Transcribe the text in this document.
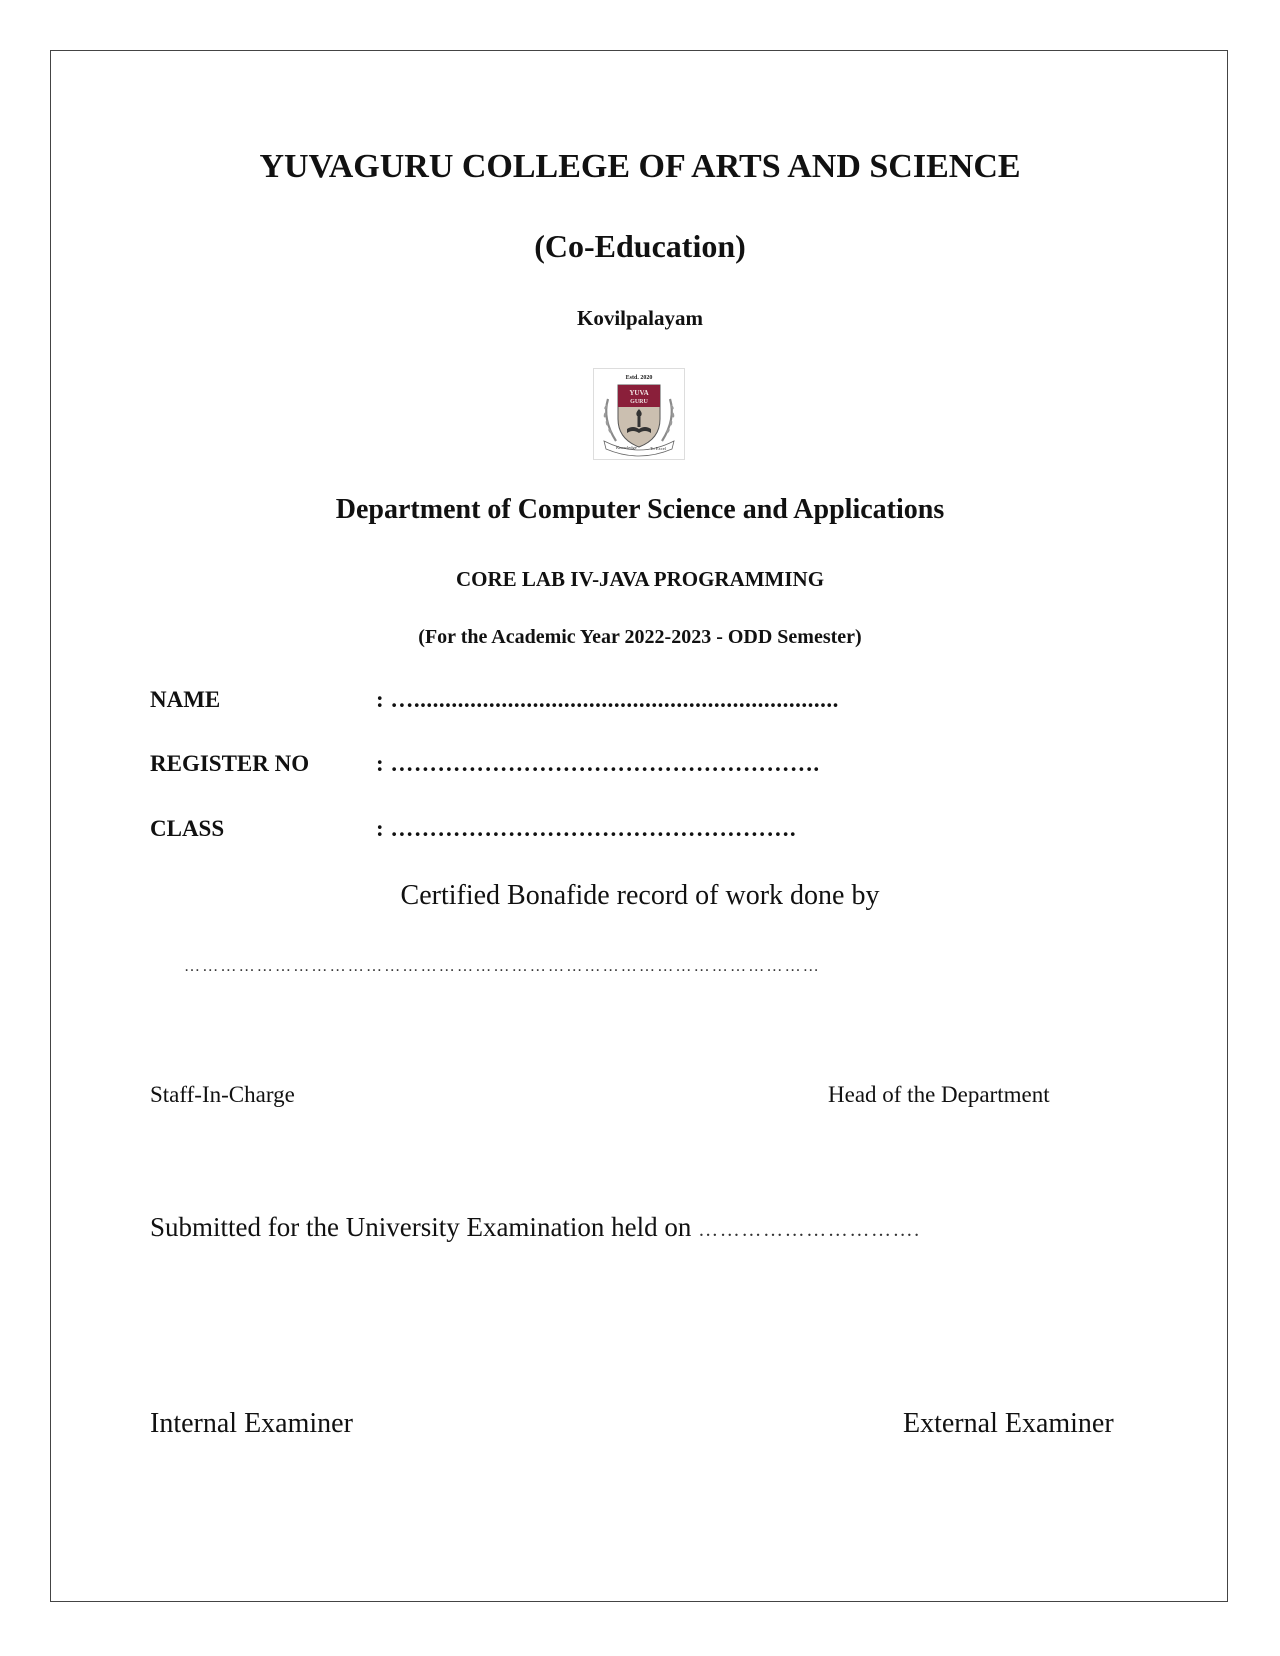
YUVAGURU COLLEGE OF ARTS AND SCIENCE
(Co-Education)
Kovilpalayam
Estd. 2020
YUVA
GURU
Knowledge	To Excel
Department of Computer Science and Applications
CORE LAB IV-JAVA PROGRAMMING
(For the Academic Year 2022-2023 - ODD Semester)
NAME	: …....................................................................
REGISTER NO	: ……………………………………………….
CLASS	: …………………………………………….
Certified Bonafide record of work done by
……………………………………………………………………………………………
Staff-In-Charge	Head of the Department
Submitted for the University Examination held on ………………………….
Internal Examiner	External Examiner
